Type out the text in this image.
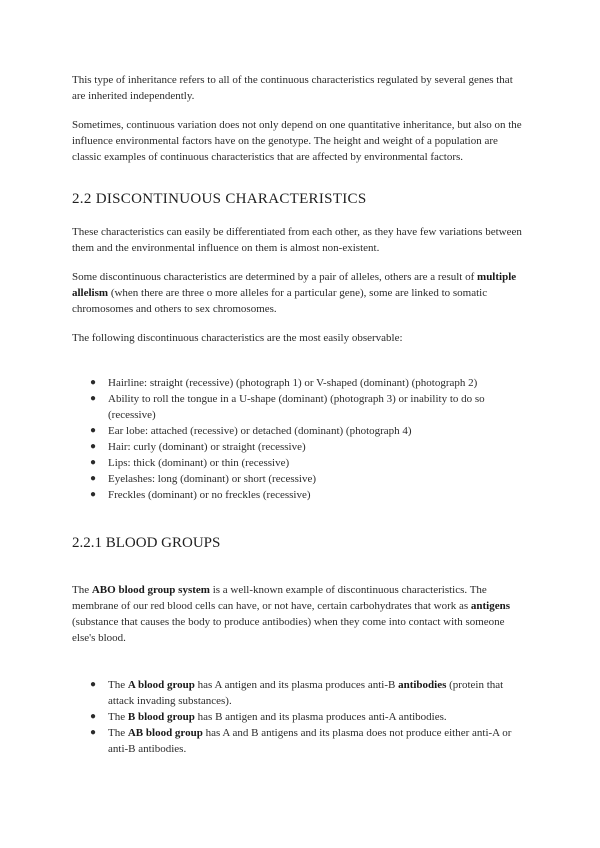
This type of inheritance refers to all of the continuous characteristics regulated by several genes that are inherited independently.

Sometimes, continuous variation does not only depend on one quantitative inheritance, but also on the influence environmental factors have on the genotype. The height and weight of a population are classic examples of continuous characteristics that are affected by environmental factors.

2.2 DISCONTINUOUS CHARACTERISTICS

These characteristics can easily be differentiated from each other, as they have few variations between them and the environmental influence on them is almost non-existent.

Some discontinuous characteristics are determined by a pair of alleles, others are a result of multiple allelism (when there are three o more alleles for a particular gene), some are linked to somatic chromosomes and others to sex chromosomes.

The following discontinuous characteristics are the most easily observable:

● Hairline: straight (recessive) (photograph 1) or V-shaped (dominant) (photograph 2)
● Ability to roll the tongue in a U-shape (dominant) (photograph 3) or inability to do so (recessive)
● Ear lobe: attached (recessive) or detached (dominant) (photograph 4)
● Hair: curly (dominant) or straight (recessive)
● Lips: thick (dominant) or thin (recessive)
● Eyelashes: long (dominant) or short (recessive)
● Freckles (dominant) or no freckles (recessive)
2.2.1 BLOOD GROUPS

The ABO blood group system is a well-known example of discontinuous characteristics. The membrane of our red blood cells can have, or not have, certain carbohydrates that work as antigens (substance that causes the body to produce antibodies) when they come into contact with someone else's blood.

● The A blood group has A antigen and its plasma produces anti-B antibodies (protein that attack invading substances).
● The B blood group has B antigen and its plasma produces anti-A antibodies.
● The AB blood group has A and B antigens and its plasma does not produce either anti-A or anti-B antibodies.
